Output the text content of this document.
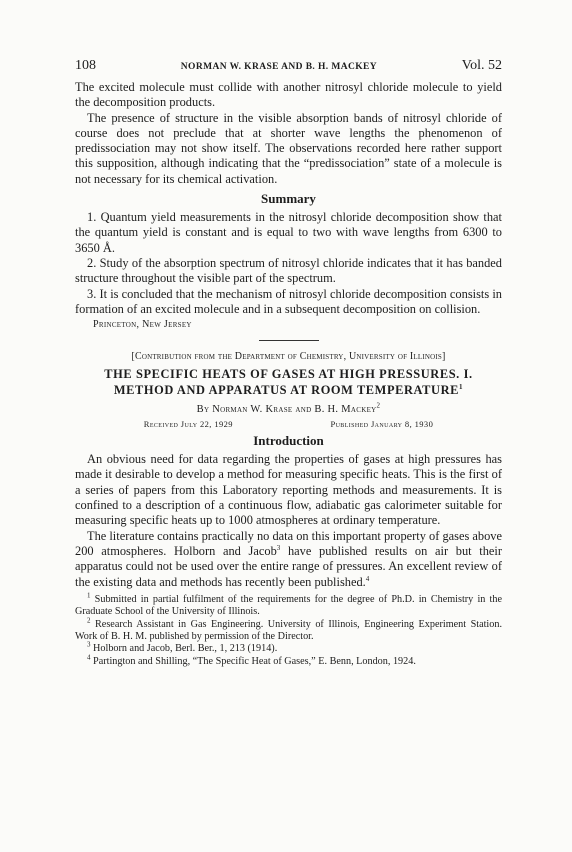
108	NORMAN W. KRASE AND B. H. MACKEY	Vol. 52

The excited molecule must collide with another nitrosyl chloride molecule to yield the decomposition products.

The presence of structure in the visible absorption bands of nitrosyl chloride of course does not preclude that at shorter wave lengths the phenomenon of predissociation may not show itself. The observations recorded here rather support this supposition, although indicating that the “predissociation” state of a molecule is not necessary for its chemical activation.

Summary

1. Quantum yield measurements in the nitrosyl chloride decomposition show that the quantum yield is constant and is equal to two with wave lengths from 6300 to 3650 Å.

2. Study of the absorption spectrum of nitrosyl chloride indicates that it has banded structure throughout the visible part of the spectrum.

3. It is concluded that the mechanism of nitrosyl chloride decomposition consists in formation of an excited molecule and in a subsequent decomposition on collision.

Princeton, New Jersey
[Contribution from the Department of Chemistry, University of Illinois]
THE SPECIFIC HEATS OF GASES AT HIGH PRESSURES. I.
METHOD AND APPARATUS AT ROOM TEMPERATURE$^1$
By Norman W. Krase and B. H. Mackey$^2$
Received July 22, 1929	Published January 8, 1930
Introduction

An obvious need for data regarding the properties of gases at high pressures has made it desirable to develop a method for measuring specific heats. This is the first of a series of papers from this Laboratory reporting methods and measurements. It is confined to a description of a continuous flow, adiabatic gas calorimeter suitable for measuring specific heats up to 1000 atmospheres at ordinary temperature.

The literature contains practically no data on this important property of gases above 200 atmospheres. Holborn and Jacob$^3$ have published results on air but their apparatus could not be used over the entire range of pressures. An excellent review of the existing data and methods has recently been published.$^4$

$^1$ Submitted in partial fulfilment of the requirements for the degree of Ph.D. in Chemistry in the Graduate School of the University of Illinois.
$^2$ Research Assistant in Gas Engineering. University of Illinois, Engineering Experiment Station. Work of B. H. M. published by permission of the Director.
$^3$ Holborn and Jacob, Berl. Ber., 1, 213 (1914).
$^4$ Partington and Shilling, “The Specific Heat of Gases,” E. Benn, London, 1924.
